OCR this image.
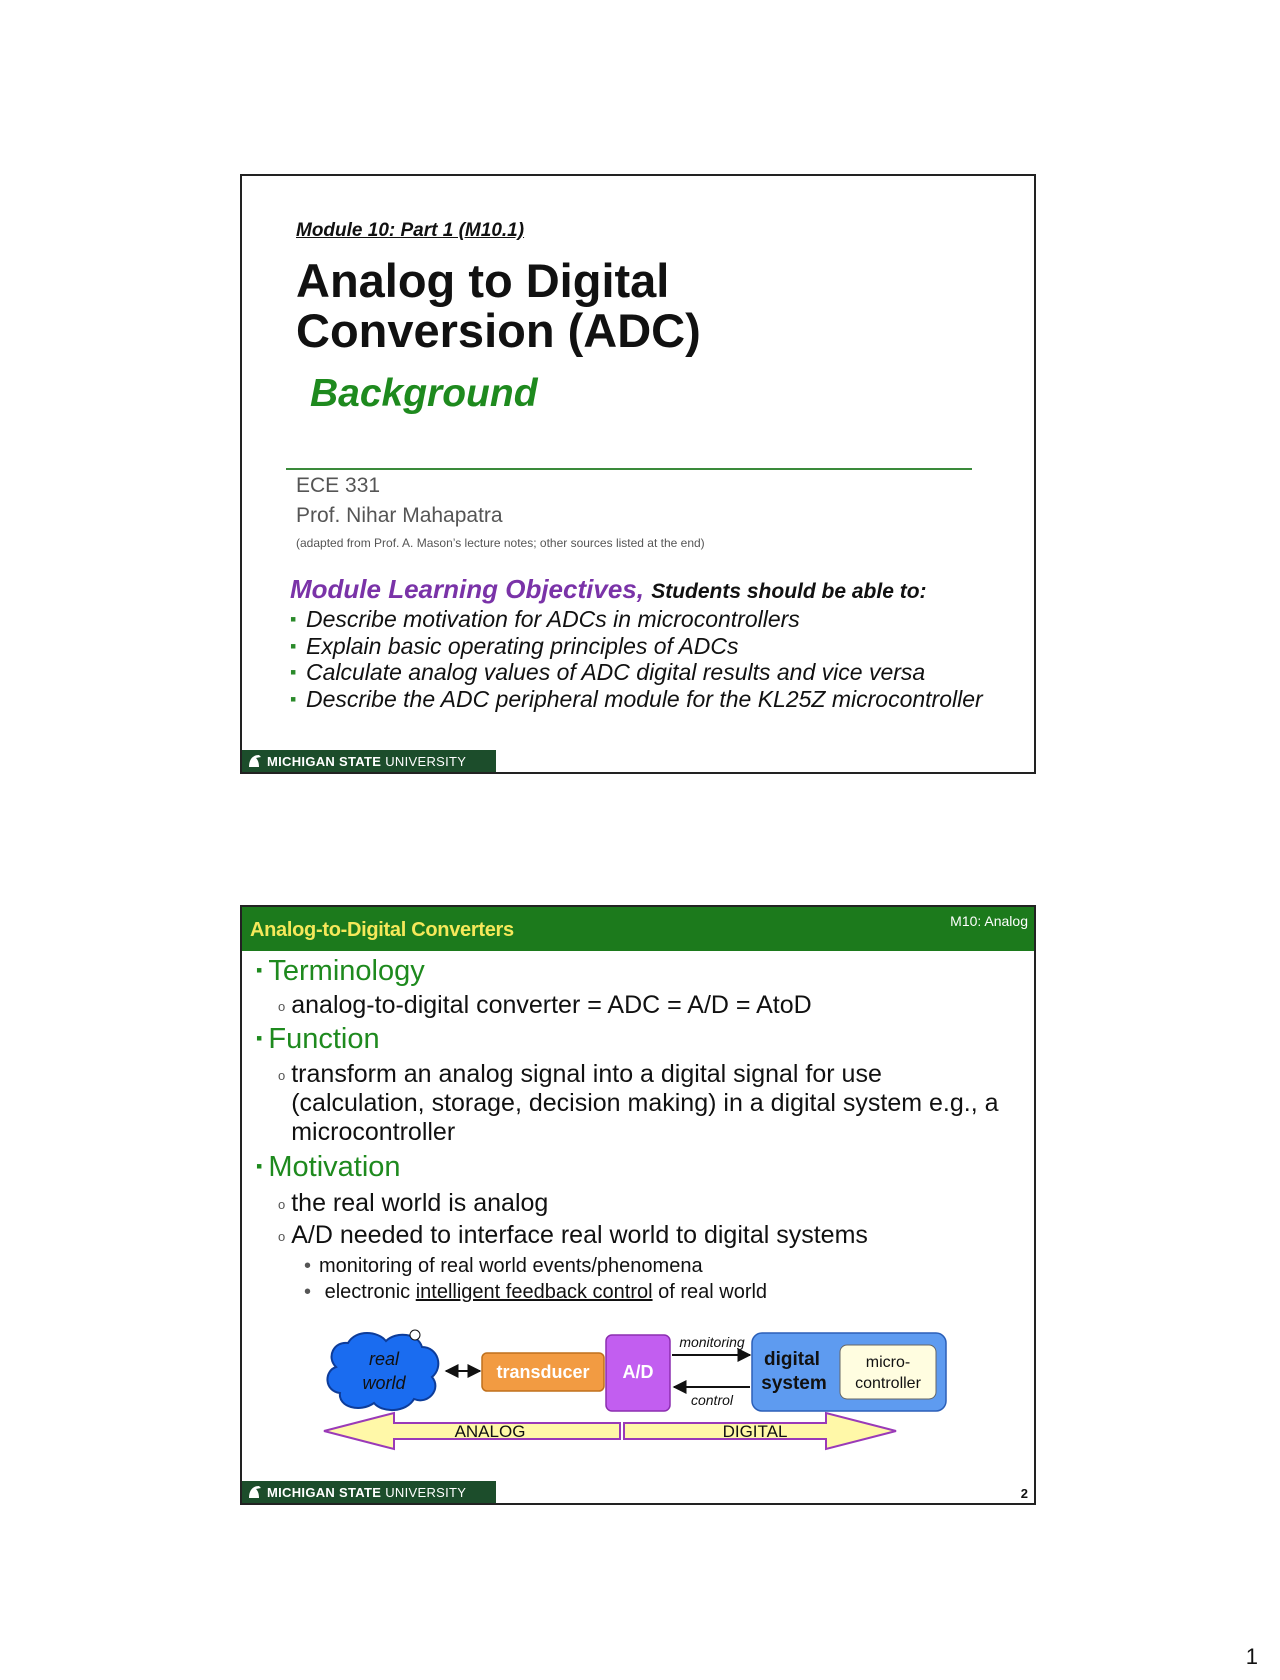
Module 10: Part 1 (M10.1)
Analog to Digital
Conversion (ADC)
Background
ECE 331
Prof. Nihar Mahapatra
(adapted from Prof. A. Mason’s lecture notes; other sources listed at the end)
Module Learning Objectives, Students should be able to:
▪ Describe motivation for ADCs in microcontrollers
▪ Explain basic operating principles of ADCs
▪ Calculate analog values of ADC digital results and vice versa
▪ Describe the ADC peripheral module for the KL25Z microcontroller
MICHIGAN STATE UNIVERSITY
Analog-to-Digital Converters	M10: Analog
▪ Terminology
o analog-to-digital converter = ADC = A/D = AtoD
▪ Function
o transform an analog signal into a digital signal for use (calculation, storage, decision making) in a digital system e.g., a microcontroller
▪ Motivation
o the real world is analog
o A/D needed to interface real world to digital systems
• monitoring of real world events/phenomena
• electronic intelligent feedback control of real world
ANALOG	DIGITAL
real
world
transducer A/D
monitoring
control
digital
system
micro-
controller
2
MICHIGAN STATE UNIVERSITY
1
